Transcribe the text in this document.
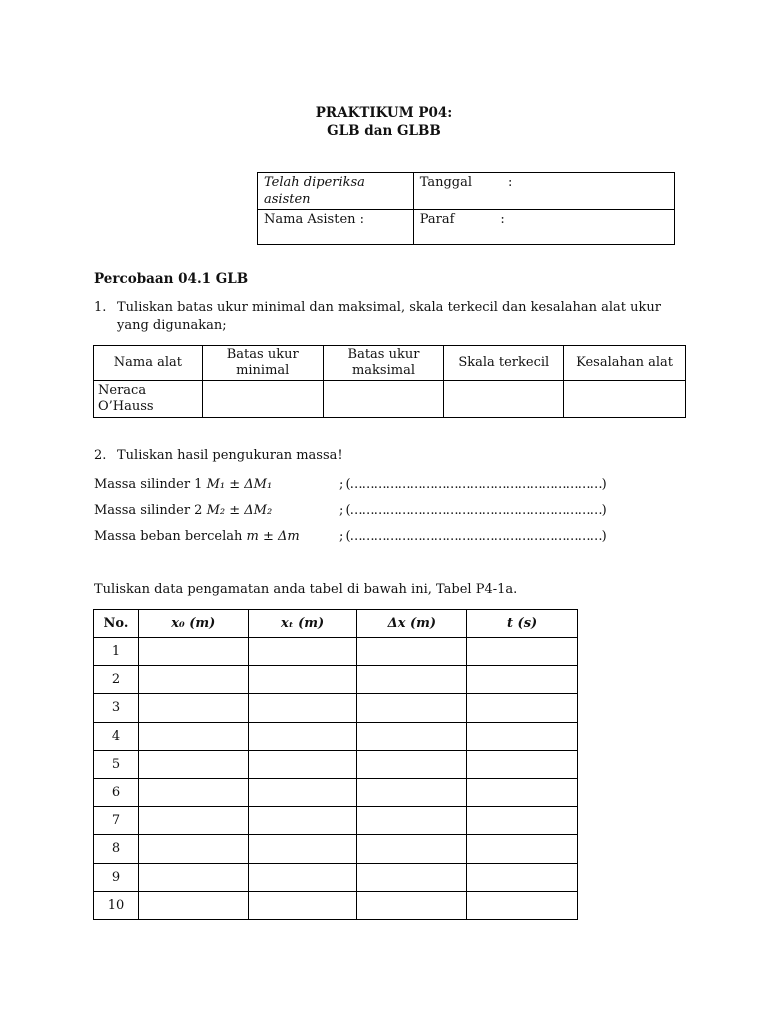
PRAKTIKUM P04:
GLB dan GLBB
Telah diperiksa asisten	Tanggal :

Nama Asisten :	Paraf :
Percobaan 04.1 GLB
1. Tuliskan batas ukur minimal dan maksimal, skala terkecil dan kesalahan alat ukur
yang digunakan;
Nama alat	Batas ukur minimal	Batas ukur maksimal	Skala terkecil	Kesalahan alat
Neraca O’Hauss				
2. Tuliskan hasil pengukuran massa!
Massa silinder 1 M₁ ± ΔM₁	; (………………………………………………………)
Massa silinder 2 M₂ ± ΔM₂	; (………………………………………………………)
Massa beban bercelah m ± Δm	; (………………………………………………………)
Tuliskan data pengamatan anda tabel di bawah ini, Tabel P4-1a.
No.	x₀ (m)	xₜ (m)	Δx (m)	t (s)
1				
2				
3				
4				
5				
6				
7				
8				
9				
10				
